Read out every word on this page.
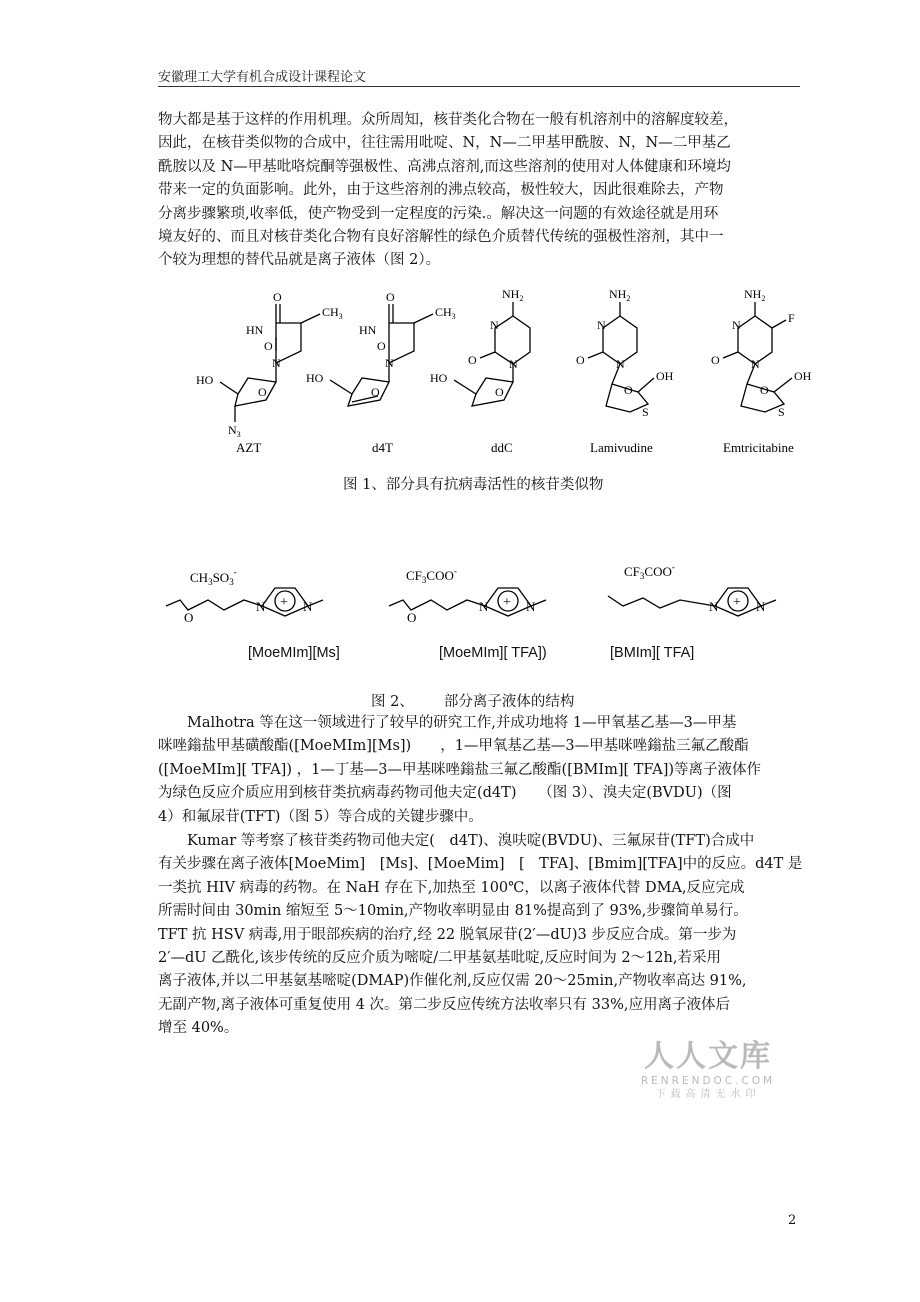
安徽理工大学有机合成设计课程论文
物大都是基于这样的作用机理。众所周知，核苷类化合物在一般有机溶剂中的溶解度较差，
因此，在核苷类似物的合成中，往往需用吡啶、N，N—二甲基甲酰胺、N，N—二甲基乙
酰胺以及 N—甲基吡咯烷酮等强极性、高沸点溶剂,而这些溶剂的使用对人体健康和环境均
带来一定的负面影响。此外，由于这些溶剂的沸点较高，极性较大，因此很难除去，产物
分离步骤繁琐,收率低，使产物受到一定程度的污染.。解决这一问题的有效途径就是用环
境友好的、而且对核苷类化合物有良好溶解性的绿色介质替代传统的强极性溶剂，其中一
个较为理想的替代品就是离子液体（图 2）。
O
HN
O
N
$CH_3$
O
HO
$N_3$
O
HN
O
N
$CH_3$
O
HO
$NH_2$
N
O	N
O
HO
$NH_2$
N
O	N
O
S
OH
$NH_2$
F
N
O	N
O
S
OH
AZT	d4T	ddC	Lamivudine	Emtricitabine
图 1、部分具有抗病毒活性的核苷类似物
$CH_3SO_3^-$	$CF_3COO^-$	$CF_3COO^-$
O
N	N
+
O
N	N
+	N	N
+
[MoeMIm][Ms]	[MoeMIm][ TFA])	[BMIm][ TFA]
图 2、 部分离子液体的结构
　　Malhotra 等在这一领域进行了较早的研究工作,并成功地将 1—甲氧基乙基—3—甲基
咪唑鎓盐甲基磺酸酯([MoeMIm][Ms])　　，1—甲氧基乙基—3—甲基咪唑鎓盐三氟乙酸酯
([MoeMIm][ TFA]) ，1—丁基—3—甲基咪唑鎓盐三氟乙酸酯([BMIm][ TFA])等离子液体作
为绿色反应介质应用到核苷类抗病毒药物司他夫定(d4T)　　（图 3）、溴夫定(BVDU)（图
4）和氟尿苷(TFT)（图 5）等合成的关键步骤中。
　　Kumar 等考察了核苷类药物司他夫定(　d4T)、溴呋啶(BVDU)、三氟尿苷(TFT)合成中
有关步骤在离子液体[MoeMim]　[Ms]、[MoeMim]　[　TFA]、[Bmim][TFA]中的反应。d4T 是
一类抗 HIV 病毒的药物。在 NaH 存在下,加热至 100℃，以离子液体代替 DMA,反应完成
所需时间由 30min 缩短至 5～10min,产物收率明显由 81%提高到了 93%,步骤简单易行。
TFT 抗 HSV 病毒,用于眼部疾病的治疗,经 22 脱氧尿苷(2′—dU)3 步反应合成。第一步为
2′—dU 乙酰化,该步传统的反应介质为嘧啶/二甲基氨基吡啶,反应时间为 2～12h,若采用
离子液体,并以二甲基氨基嘧啶(DMAP)作催化剂,反应仅需 20～25min,产物收率高达 91%,
无副产物,离子液体可重复使用 4 次。第二步反应传统方法收率只有 33%,应用离子液体后
增至 40%。
人人文库
RENRENDOC.COM
下载高清无水印
2
